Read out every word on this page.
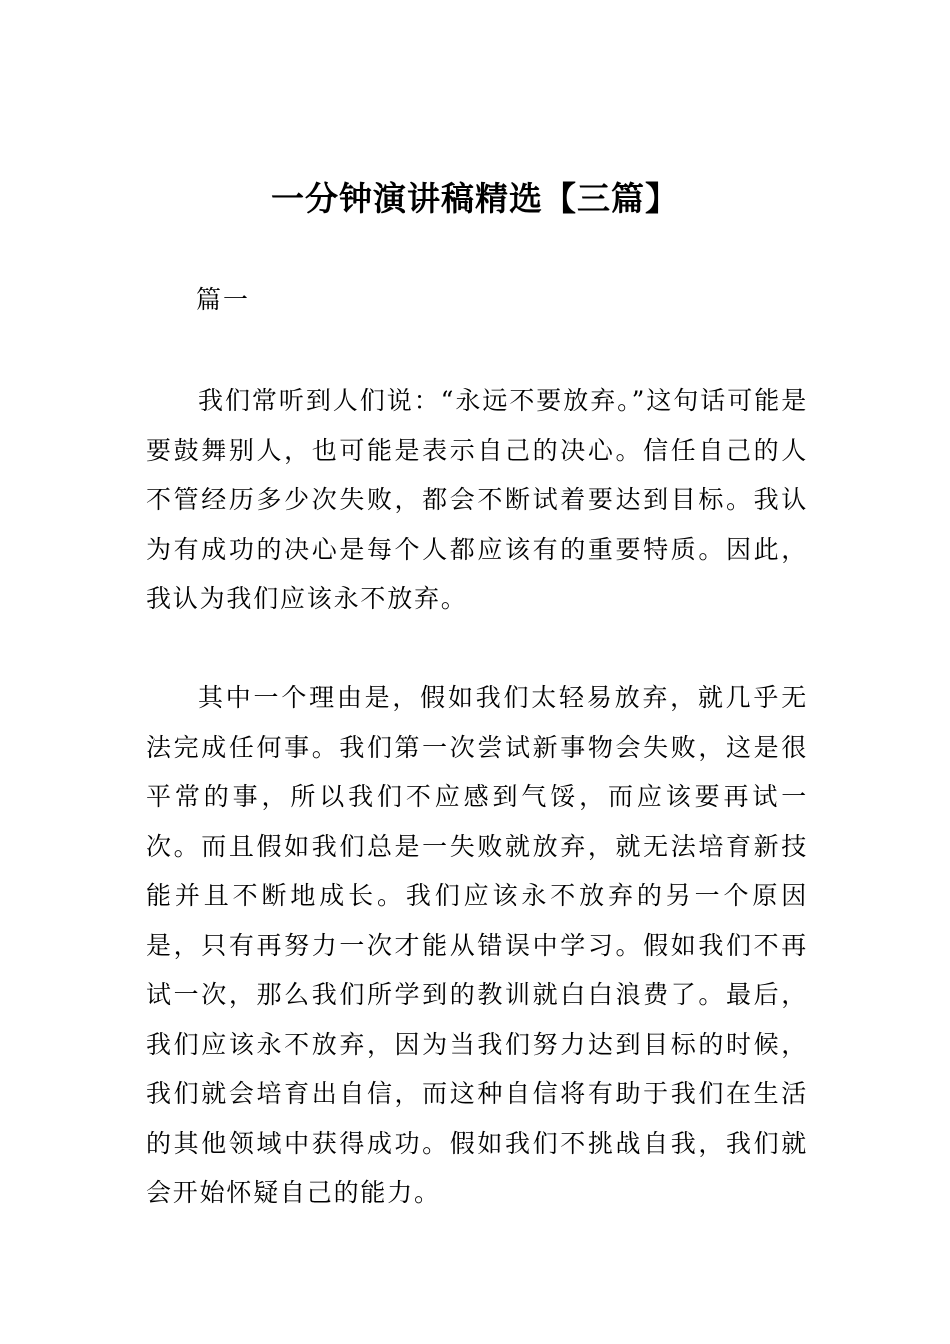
一分钟演讲稿精选【三篇】

篇一

我们常听到人们说：“永远不要放弃。”这句话可能是要鼓舞别人，也可能是表示自己的决心。信任自己的人不管经历多少次失败，都会不断试着要达到目标。我认为有成功的决心是每个人都应该有的重要特质。因此，我认为我们应该永不放弃。

其中一个理由是，假如我们太轻易放弃，就几乎无法完成任何事。我们第一次尝试新事物会失败，这是很平常的事，所以我们不应感到气馁，而应该要再试一次。而且假如我们总是一失败就放弃，就无法培育新技能并且不断地成长。我们应该永不放弃的另一个原因是，只有再努力一次才能从错误中学习。假如我们不再试一次，那么我们所学到的教训就白白浪费了。最后，我们应该永不放弃，因为当我们努力达到目标的时候，我们就会培育出自信，而这种自信将有助于我们在生活的其他领域中获得成功。假如我们不挑战自我，我们就会开始怀疑自己的能力。
